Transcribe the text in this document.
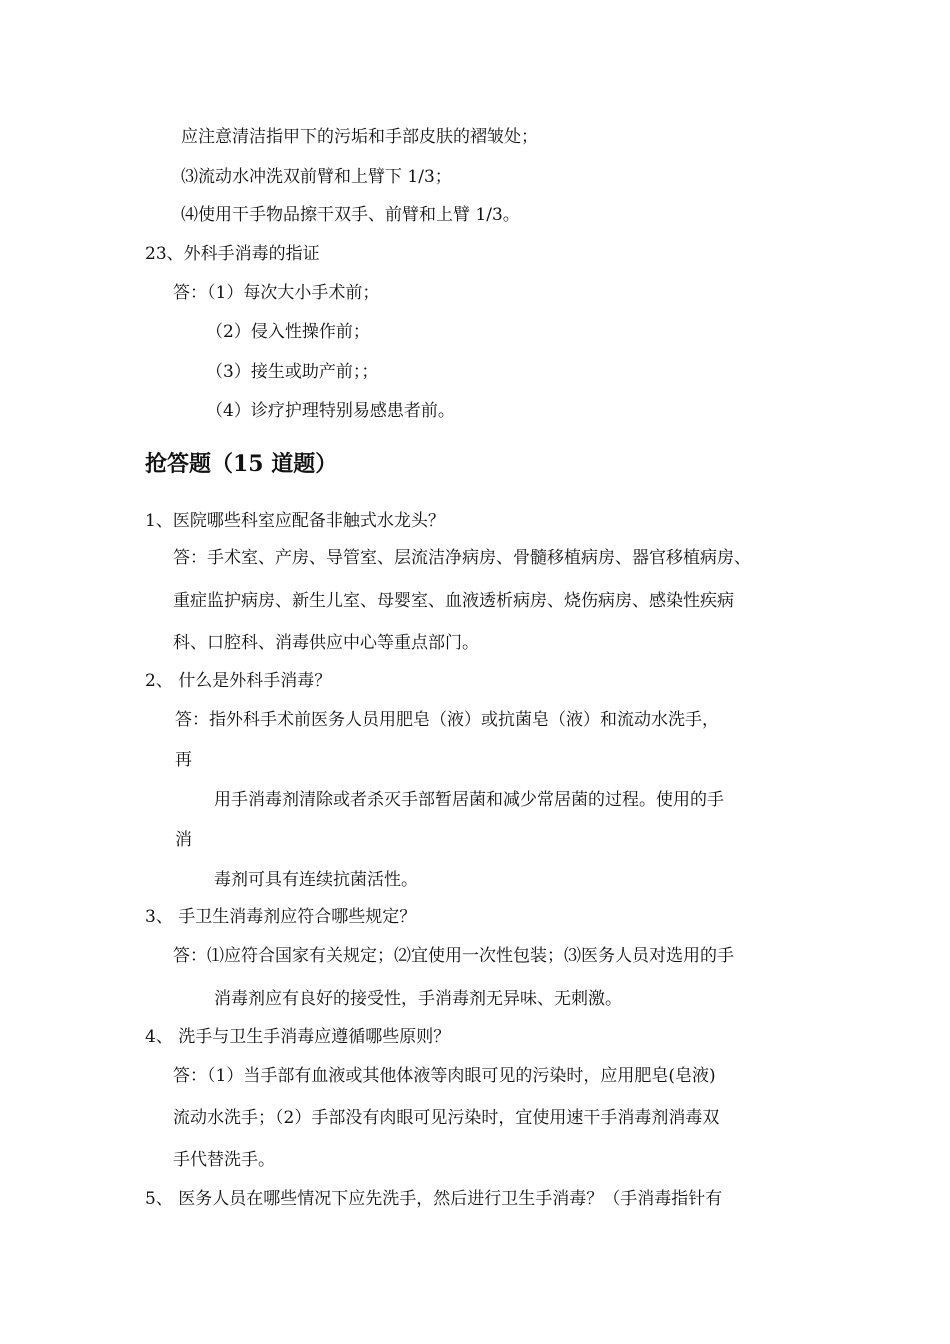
应注意清洁指甲下的污垢和手部皮肤的褶皱处；
⑶流动水冲洗双前臂和上臂下 1/3；
⑷使用干手物品擦干双手、前臂和上臂 1/3。
23、外科手消毒的指证
答：（1）每次大小手术前；
（2）侵入性操作前；
（3）接生或助产前；；
（4）诊疗护理特别易感患者前。
抢答题（15 道题）
1、医院哪些科室应配备非触式水龙头？
答：手术室、产房、导管室、层流洁净病房、骨髓移植病房、器官移植病房、
重症监护病房、新生儿室、母婴室、血液透析病房、烧伤病房、感染性疾病
科、口腔科、消毒供应中心等重点部门。
2、 什么是外科手消毒？
答：指外科手术前医务人员用肥皂（液）或抗菌皂（液）和流动水洗手，
再
用手消毒剂清除或者杀灭手部暂居菌和减少常居菌的过程。使用的手
消
毒剂可具有连续抗菌活性。
3、 手卫生消毒剂应符合哪些规定？
答：⑴应符合国家有关规定；⑵宜使用一次性包装；⑶医务人员对选用的手
消毒剂应有良好的接受性，手消毒剂无异味、无刺激。
4、 洗手与卫生手消毒应遵循哪些原则？
答：（1）当手部有血液或其他体液等肉眼可见的污染时，应用肥皂(皂液)
流动水洗手；（2）手部没有肉眼可见污染时，宜使用速干手消毒剂消毒双
手代替洗手。
5、 医务人员在哪些情况下应先洗手，然后进行卫生手消毒？（手消毒指针有
